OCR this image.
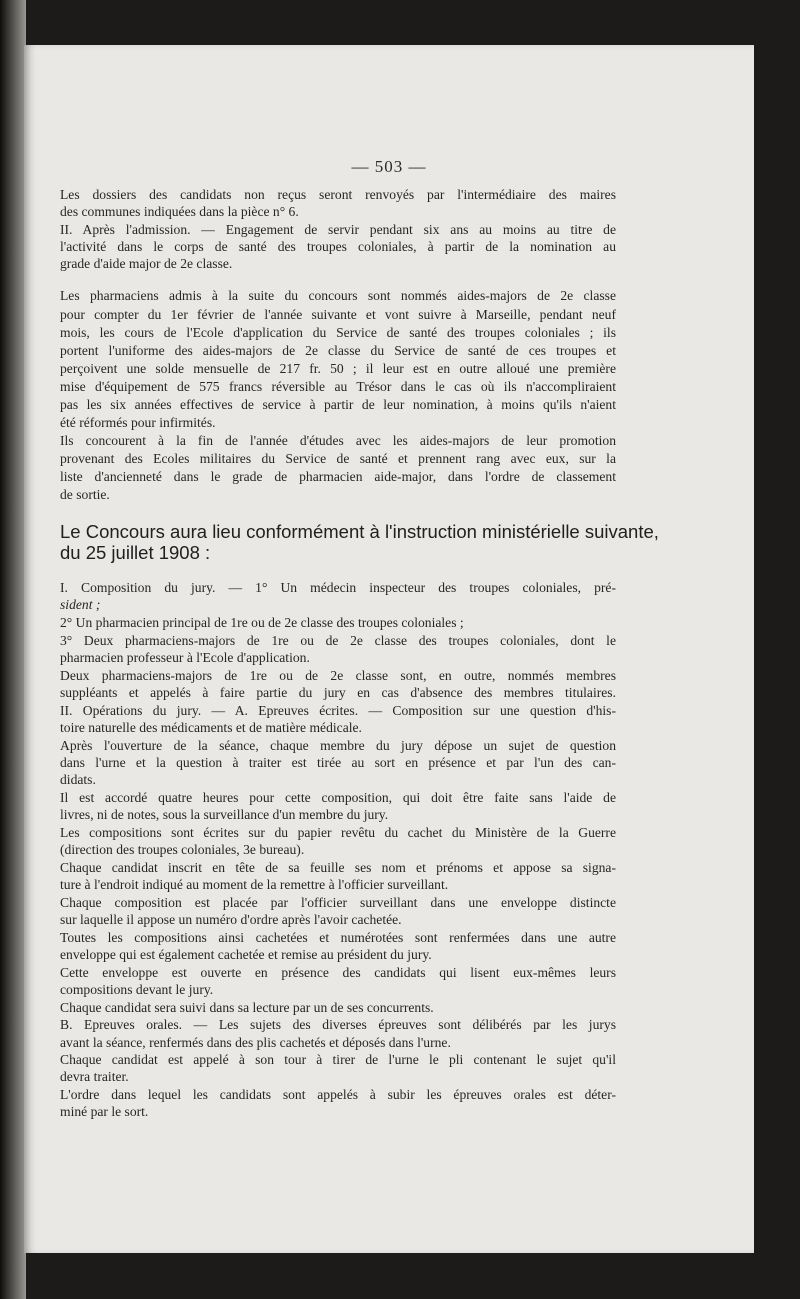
— 503 —
Les dossiers des candidats non reçus seront renvoyés par l'intermédiaire des maires
des communes indiquées dans la pièce n° 6.
II. Après l'admission. — Engagement de servir pendant six ans au moins au titre de
l'activité dans le corps de santé des troupes coloniales, à partir de la nomination au
grade d'aide major de 2e classe.
Les pharmaciens admis à la suite du concours sont nommés aides-majors de 2e classe
pour compter du 1er février de l'année suivante et vont suivre à Marseille, pendant neuf
mois, les cours de l'Ecole d'application du Service de santé des troupes coloniales ; ils
portent l'uniforme des aides-majors de 2e classe du Service de santé de ces troupes et
perçoivent une solde mensuelle de 217 fr. 50 ; il leur est en outre alloué une première
mise d'équipement de 575 francs réversible au Trésor dans le cas où ils n'accompliraient
pas les six années effectives de service à partir de leur nomination, à moins qu'ils n'aient
été réformés pour infirmités.
Ils concourent à la fin de l'année d'études avec les aides-majors de leur promotion
provenant des Ecoles militaires du Service de santé et prennent rang avec eux, sur la
liste d'ancienneté dans le grade de pharmacien aide-major, dans l'ordre de classement
de sortie.
Le Concours aura lieu conformément à l'instruction ministérielle suivante,
du 25 juillet 1908 :
I. Composition du jury. — 1° Un médecin inspecteur des troupes coloniales, pré-
sident ;
2° Un pharmacien principal de 1re ou de 2e classe des troupes coloniales ;
3° Deux pharmaciens-majors de 1re ou de 2e classe des troupes coloniales, dont le
pharmacien professeur à l'Ecole d'application.
Deux pharmaciens-majors de 1re ou de 2e classe sont, en outre, nommés membres
suppléants et appelés à faire partie du jury en cas d'absence des membres titulaires.
II. Opérations du jury. — A. Epreuves écrites. — Composition sur une question d'his-
toire naturelle des médicaments et de matière médicale.
Après l'ouverture de la séance, chaque membre du jury dépose un sujet de question
dans l'urne et la question à traiter est tirée au sort en présence et par l'un des can-
didats.
Il est accordé quatre heures pour cette composition, qui doit être faite sans l'aide de
livres, ni de notes, sous la surveillance d'un membre du jury.
Les compositions sont écrites sur du papier revêtu du cachet du Ministère de la Guerre
(direction des troupes coloniales, 3e bureau).
Chaque candidat inscrit en tête de sa feuille ses nom et prénoms et appose sa signa-
ture à l'endroit indiqué au moment de la remettre à l'officier surveillant.
Chaque composition est placée par l'officier surveillant dans une enveloppe distincte
sur laquelle il appose un numéro d'ordre après l'avoir cachetée.
Toutes les compositions ainsi cachetées et numérotées sont renfermées dans une autre
enveloppe qui est également cachetée et remise au président du jury.
Cette enveloppe est ouverte en présence des candidats qui lisent eux-mêmes leurs
compositions devant le jury.
Chaque candidat sera suivi dans sa lecture par un de ses concurrents.
B. Epreuves orales. — Les sujets des diverses épreuves sont délibérés par les jurys
avant la séance, renfermés dans des plis cachetés et déposés dans l'urne.
Chaque candidat est appelé à son tour à tirer de l'urne le pli contenant le sujet qu'il
devra traiter.
L'ordre dans lequel les candidats sont appelés à subir les épreuves orales est déter-
miné par le sort.
